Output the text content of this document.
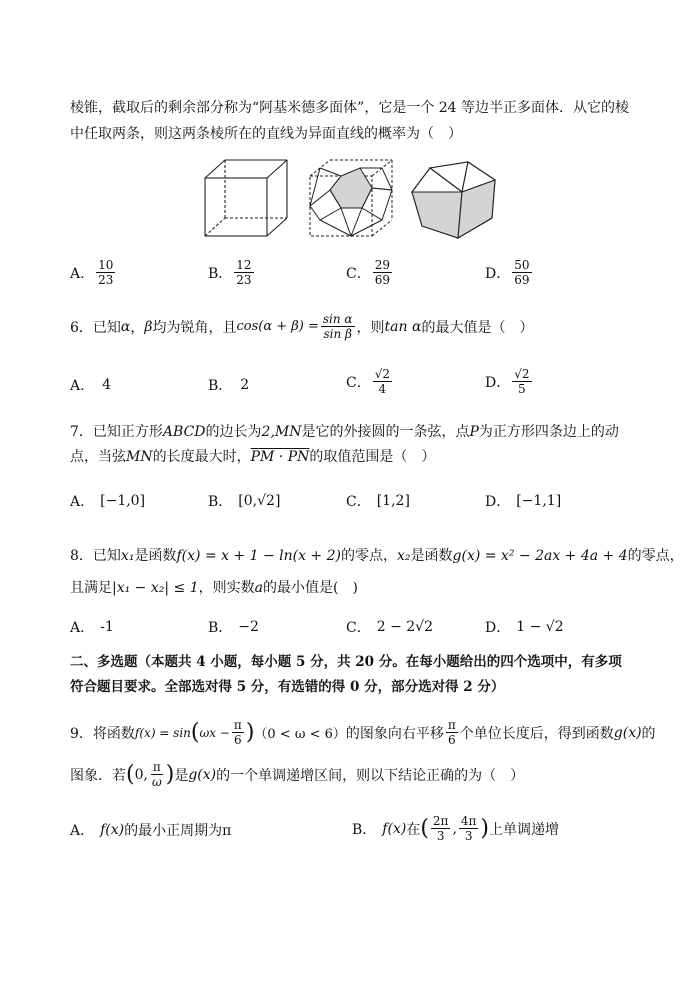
棱锥，截取后的剩余部分称为“阿基米德多面体”，它是一个 24 等边半正多面体．从它的棱
中任取两条，则这两条棱所在的直线为异面直线的概率为（　）
A． $\frac{10}{23}$	B． $\frac{12}{23}$	C． $\frac{29}{69}$	D． $\frac{50}{69}$
6．已知 α ， β 均为锐角，且 $\cos(\alpha + \beta) = \frac{\text{sin α}}{\text{sin β}}$ ，则 tan α 的最大值是（　）
A． 4	B． 2	C． $\frac{√2}{4}$	D． $\frac{√2}{5}$
7．已知正方形ABCD的边长为2,MN是它的外接圆的一条弦，点P为正方形四条边上的动
点，当弦MN的长度最大时，PM · PN的取值范围是（　）
A． [−1,0]	B． [0,√2]	C． [1,2]	D． [−1,1]
8．已知x₁是函数f(x) = x + 1 − ln(x + 2)的零点，x₂是函数g(x) = x² − 2ax + 4a + 4的零点，
且满足|x₁ − x₂| ≤ 1，则实数a的最小值是(　)
A． -1	B． −2	C． 2 − 2√2	D． 1 − √2
二、多选题（本题共 4 小题，每小题 5 分，共 20 分。在每小题给出的四个选项中，有多项
符合题目要求。全部选对得 5 分，有选错的得 0 分，部分选对得 2 分）
9．将函数 f(x) = sin ( $\omega x - \frac{\pi}{6}$ ) （0 < ω < 6） 的图象向右平移 $\frac{\pi}{6}$ 个单位长度后，得到函数 g(x) 的
图象．若 ( 0, $\frac{\pi}{\omega}$ ) 是 g(x) 的一个单调递增区间，则以下结论正确的为（　）
A． f(x) 的最小正周期为π	B． f(x) 在 ( $\frac{2\pi}{3}$ , $\frac{4\pi}{3}$ ) 上单调递增
